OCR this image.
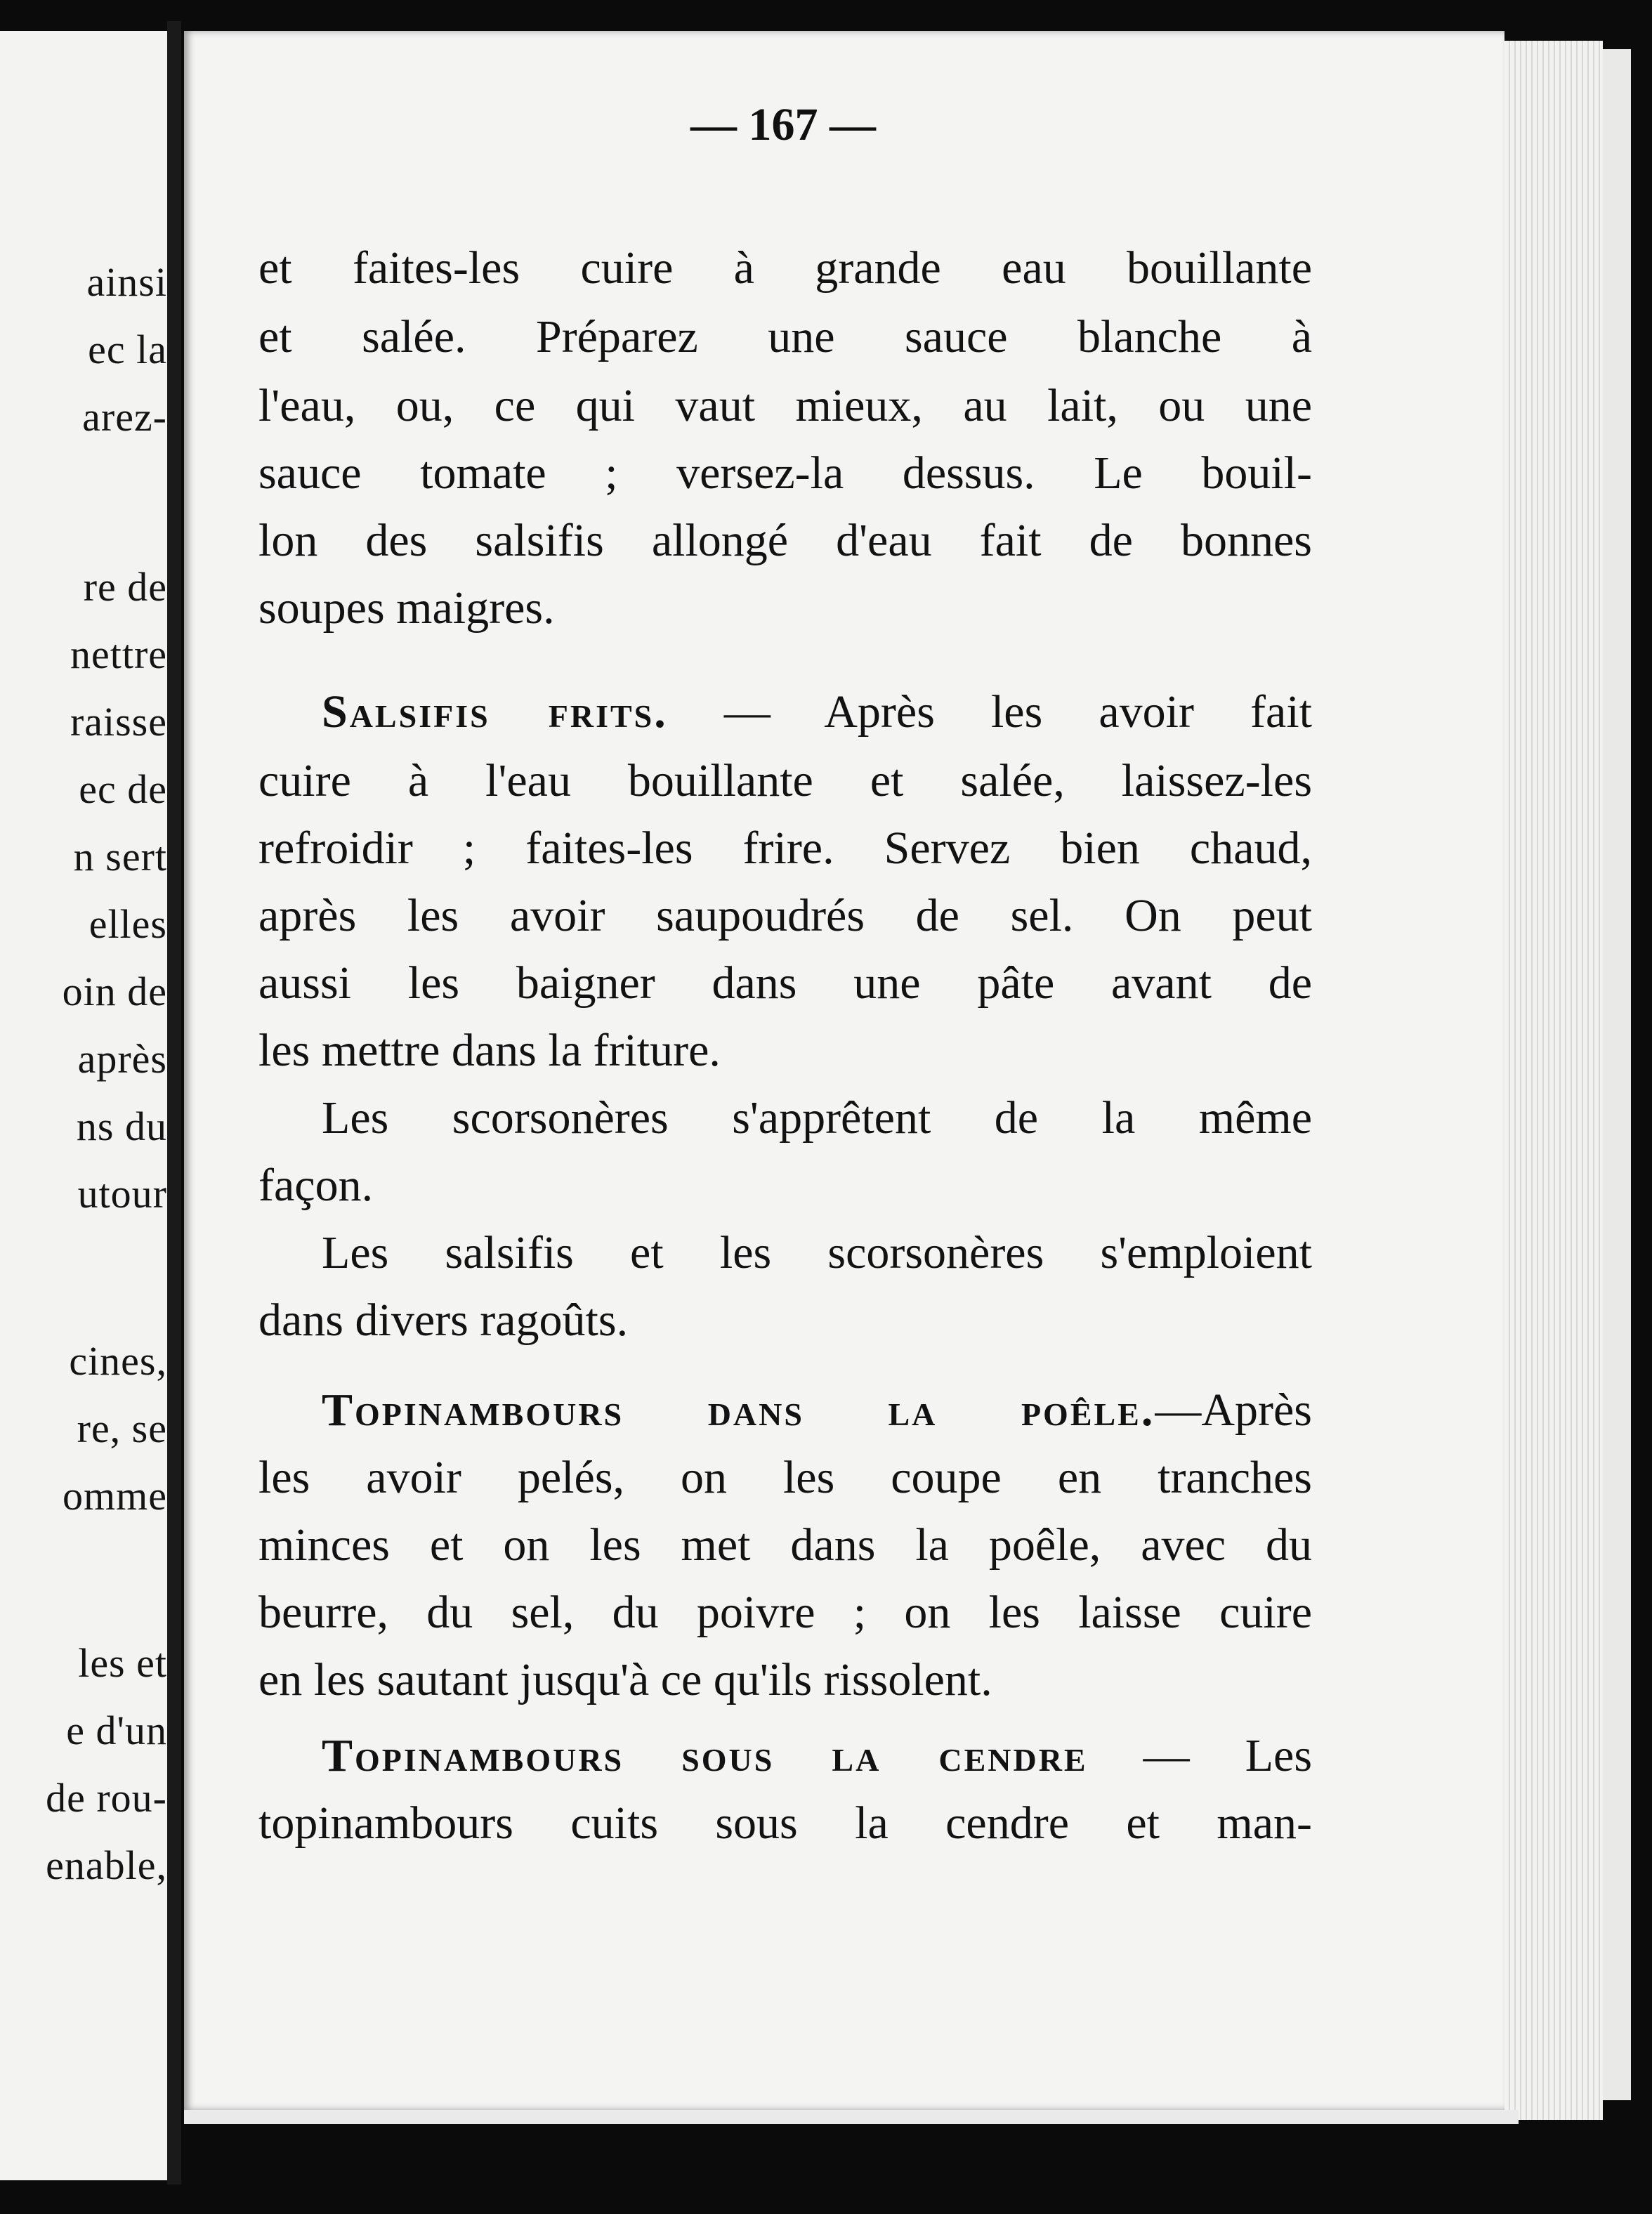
ainsi
ec la
arez-
re de
nettre
raisse
ec de
n sert
elles
oin de
après
ns du
utour
cines,
re, se
omme
les et
e d'un
de rou-
enable,
— 167 —
et faites-les cuire à grande eau bouillante
et salée. Préparez une sauce blanche à
l'eau, ou, ce qui vaut mieux, au lait, ou une
sauce tomate ; versez-la dessus. Le bouil-
lon des salsifis allongé d'eau fait de bonnes
soupes maigres.
Salsifis frits. — Après les avoir fait
cuire à l'eau bouillante et salée, laissez-les
refroidir ; faites-les frire. Servez bien chaud,
après les avoir saupoudrés de sel. On peut
aussi les baigner dans une pâte avant de
les mettre dans la friture.
Les scorsonères s'apprêtent de la même
façon.
Les salsifis et les scorsonères s'emploient
dans divers ragoûts.
Topinambours dans la poêle.—Après
les avoir pelés, on les coupe en tranches
minces et on les met dans la poêle, avec du
beurre, du sel, du poivre ; on les laisse cuire
en les sautant jusqu'à ce qu'ils rissolent.
Topinambours sous la cendre — Les
topinambours cuits sous la cendre et man-
